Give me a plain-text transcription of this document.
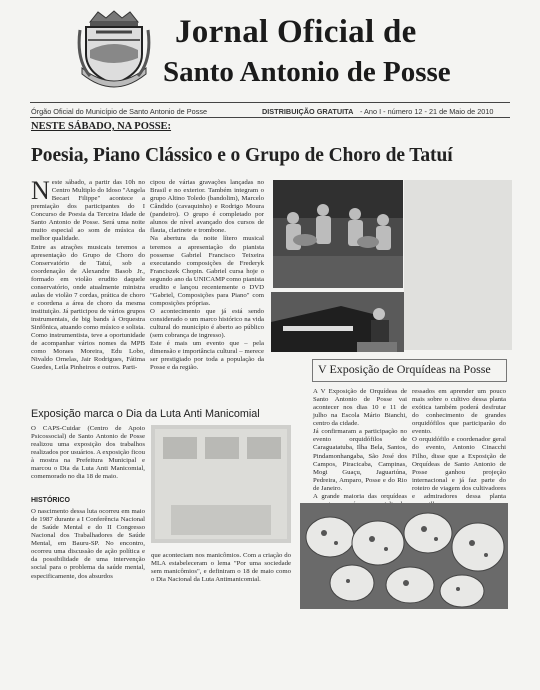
Jornal Oficial de
Santo Antonio de Posse
Órgão Oficial do Município de Santo Antonio de Posse	DISTRIBUIÇÃO GRATUITA - Ano I - número 12 - 21 de Maio de 2010
NESTE SÁBADO, NA POSSE:
Poesia, Piano Clássico e o Grupo de Choro de Tatuí
Neste sábado, a partir das 10h no Centro Multiplo do Idoso "Angela Becari Filippe" acontece a premiação dos participantes do I Concurso de Poesia da Terceira Idade de Santo Antonio de Posse. Será uma noite muito especial ao som de música da melhor qualidade.
Entre as atrações musicais teremos a apresentação do Grupo de Choro do Conservatório de Tatuí, sob a coordenação de Alexandre Basob Jr., formado em violão erudito daquele conservatório, onde atualmente ministra aulas de violão 7 cordas, prática de choro e coordena a área de choro da mesma instituição. Já participou de vários grupos instrumentais, de big bands à Orquestra Sinfônica, atuando como músico e solista. Como instrumentista, teve a oportunidade de acompanhar vários nomes da MPB como Moraes Moreira, Edu Lobo, Nivaldo Ornelas, Jair Rodrigues, Fátima Guedes, Leila Pinheiros e outros. Parti-
cipou de várias gravações lançadas no Brasil e no exterior. Também integram o grupo Altino Toledo (bandolim), Marcelo Cândido (cavaquinho) e Rodrigo Moura (pandeiro). O grupo é completado por alunos de nível avançado dos cursos de flauta, clarinete e trombone.
Na abertura da noite lítero musical teremos a apresentação do pianista possense Gabriel Francisco Teixeira executando composições de Frederyk Franciszek Chopin. Gabriel cursa hoje o segundo ano da UNICAMP como pianista erudito e lançou recentemente o DVD "Gabriel, Composições para Piano" com composições próprias.
O acontecimento que já está sendo considerado o um marco histórico na vida cultural do município é aberto ao público (sem cobrança de ingresso).
Este é mais um evento que – pela dimensão e importância cultural – merece ser prestigiado por toda a população da Posse e da região.
Exposição marca o Dia da Luta Anti Manicomial
O CAPS-Cuidar (Centro de Apoio Psicossocial) de Santo Antonio de Posse realizou uma exposição dos trabalhos realizados por usuários. A exposição ficou à mostra na Prefeitura Municipal e marcou o Dia da Luta Anti Manicomial, comemorado no dia 18 de maio.
HISTÓRICO
O nascimento dessa luta ocorreu em maio de 1987 durante a I Conferência Nacional de Saúde Mental e do II Congresso Nacional dos Trabalhadores de Saúde Mental, em Bauru-SP. No encontro, ocorreu uma discussão de ação política e da possibilidade de uma intervenção social para o problema da saúde mental, especificamente, dos absurdos
que aconteciam nos manicômios. Com a criação do MLA estabeleceram o lema "Por uma sociedade sem manicômios", e definiram o 18 de maio como o Dia Nacional da Luta Antimanicomial.
V Exposição de Orquídeas na Posse
A V Exposição de Orquídeas de Santo Antonio de Posse vai acontecer nos dias 10 e 11 de julho na Escola Mário Bianchi, centro da cidade.
Já confirmaram a participação no evento orquidófilos de Caraguatatuba, Ilha Bela, Santos, Pindamonhangaba, São José dos Campos, Piracicaba, Campinas, Mogi Guaçu, Jaguariúna, Pedreira, Amparo, Posse e do Rio de Janeiro.
A grande maioria das orquídeas
ressados em aprender um pouco mais sobre o cultivo dessa planta exótica também poderá desfrutar do conhecimento de grandes orquidófilos que participarão do evento.
O orquidófilo e coordenador geral do evento, Antonio Cinacchi Filho, disse que a Exposição de Orquídeas de Santo Antonio de Posse ganhou projeção internacional e já faz parte do roteiro de viagem dos cultivadores e admiradores dessa planta
